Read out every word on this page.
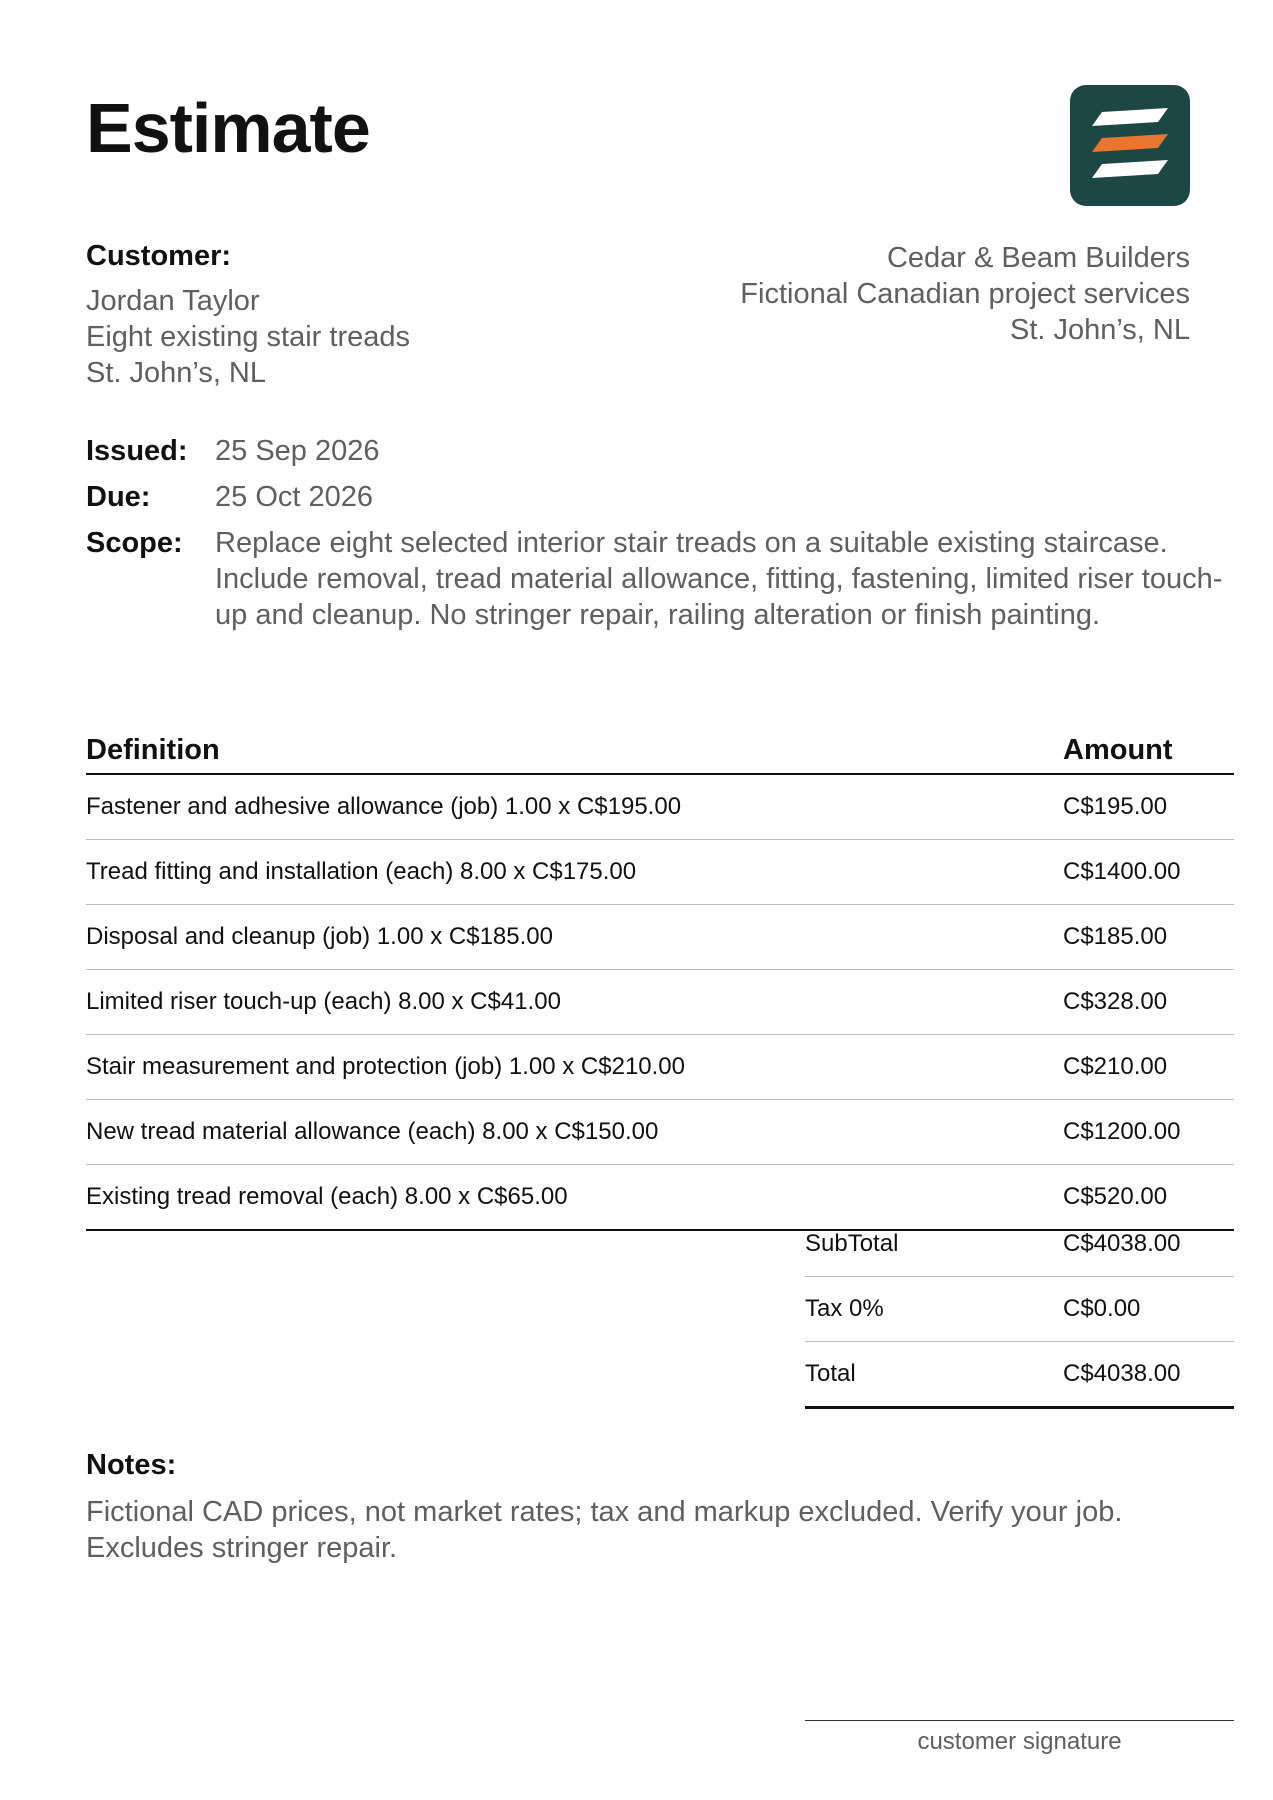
Estimate
Customer:
Jordan Taylor
Eight existing stair treads
St. John’s, NL
Cedar & Beam Builders
Fictional Canadian project services
St. John’s, NL
Issued: 25 Sep 2026
Due:	25 Oct 2026
Scope:	Replace eight selected interior stair treads on a suitable existing staircase. Include removal, tread material allowance, fitting, fastening, limited riser touch-up and cleanup. No stringer repair, railing alteration or finish painting.
Definition	Amount
Fastener and adhesive allowance (job) 1.00 x C$195.00	C$195.00
Tread fitting and installation (each) 8.00 x C$175.00	C$1400.00
Disposal and cleanup (job) 1.00 x C$185.00	C$185.00
Limited riser touch-up (each) 8.00 x C$41.00	C$328.00
Stair measurement and protection (job) 1.00 x C$210.00	C$210.00
New tread material allowance (each) 8.00 x C$150.00	C$1200.00
Existing tread removal (each) 8.00 x C$65.00	C$520.00
SubTotal	C$4038.00
Tax 0%	C$0.00
Total	C$4038.00
Notes:
Fictional CAD prices, not market rates; tax and markup excluded. Verify your job. Excludes stringer repair.
customer signature
